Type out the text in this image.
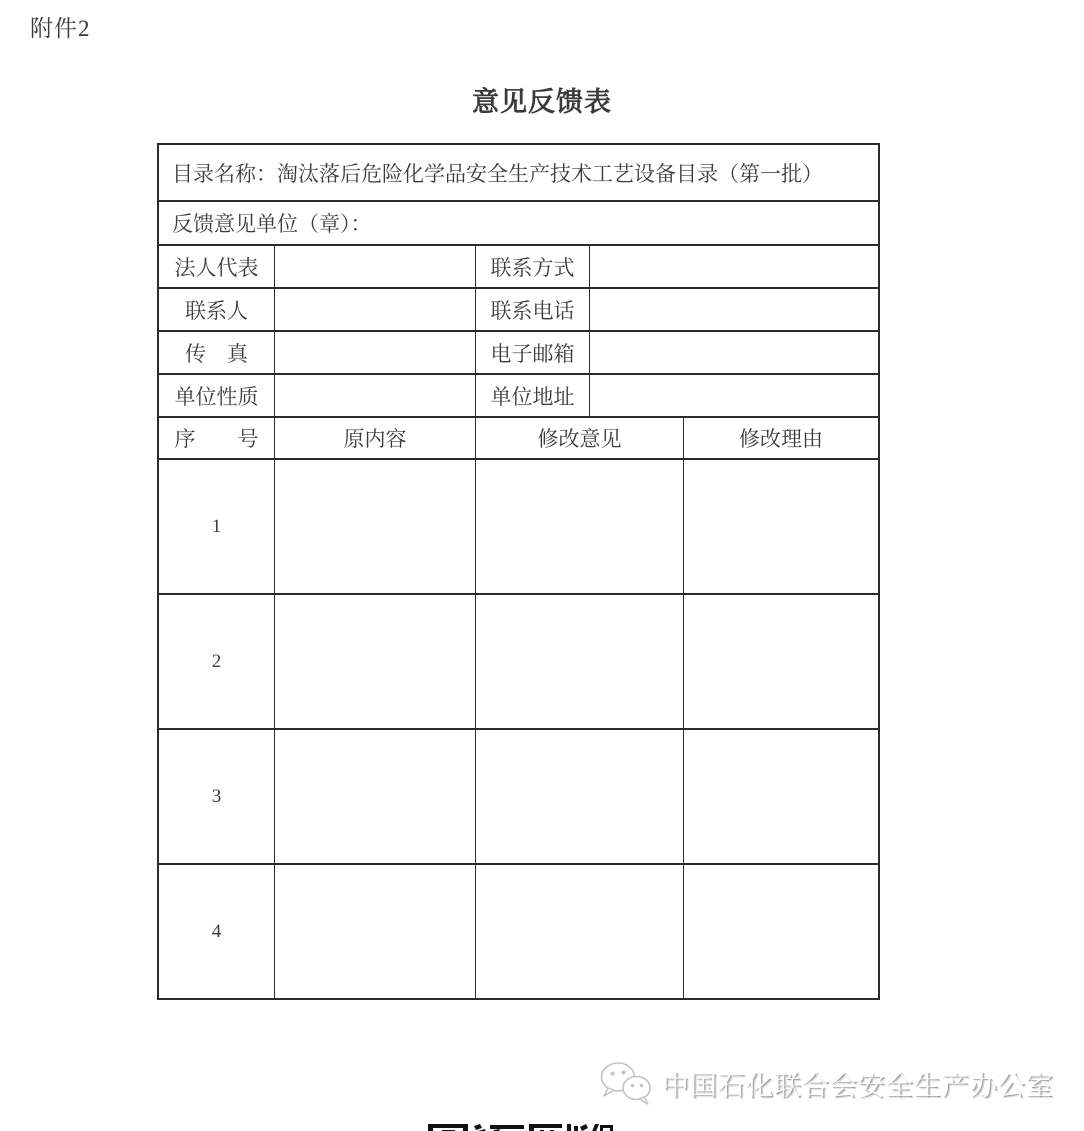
附件2
意见反馈表
目录名称：淘汰落后危险化学品安全生产技术工艺设备目录（第一批）
反馈意见单位（章）：
法人代表	联系方式
联系人	联系电话
传　真	电子邮箱
单位性质	单位地址
序　　号	原内容	修改意见	修改理由
1
2
3
4
中国石化联合会安全生产办公室
